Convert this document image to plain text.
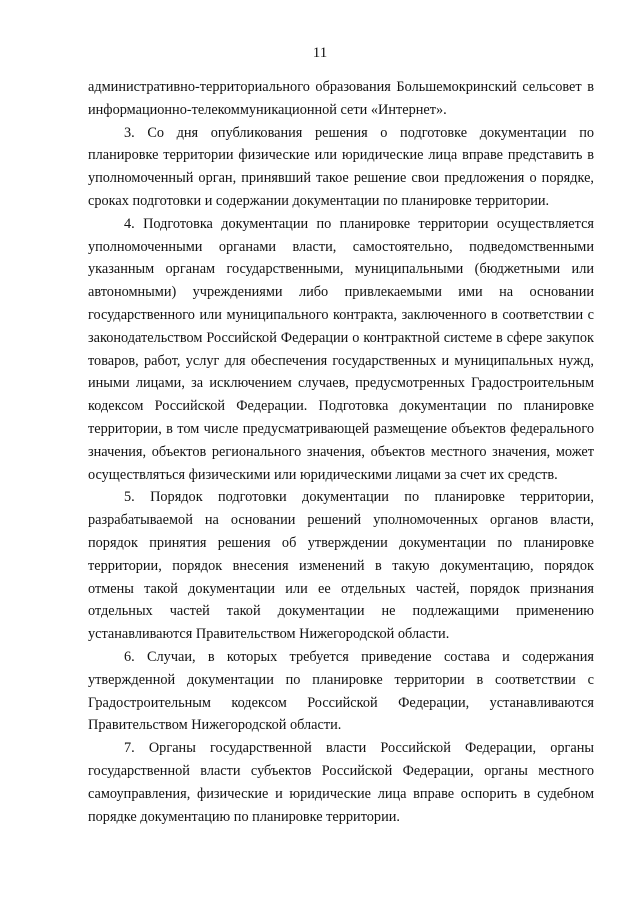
11

административно-территориального образования Большемокринский сельсовет в информационно-телекоммуникационной сети «Интернет».

3. Со дня опубликования решения о подготовке документации по планировке территории физические или юридические лица вправе представить в уполномоченный орган, принявший такое решение свои предложения о порядке, сроках подготовки и содержании документации по планировке территории.

4. Подготовка документации по планировке территории осуществляется уполномоченными органами власти, самостоятельно, подведомственными указанным органам государственными, муниципальными (бюджетными или автономными) учреждениями либо привлекаемыми ими на основании государственного или муниципального контракта, заключенного в соответствии с законодательством Российской Федерации о контрактной системе в сфере закупок товаров, работ, услуг для обеспечения государственных и муниципальных нужд, иными лицами, за исключением случаев, предусмотренных Градостроительным кодексом Российской Федерации. Подготовка документации по планировке территории, в том числе предусматривающей размещение объектов федерального значения, объектов регионального значения, объектов местного значения, может осуществляться физическими или юридическими лицами за счет их средств.

5. Порядок подготовки документации по планировке территории, разрабатываемой на основании решений уполномоченных органов власти, порядок принятия решения об утверждении документации по планировке территории, порядок внесения изменений в такую документацию, порядок отмены такой документации или ее отдельных частей, порядок признания отдельных частей такой документации не подлежащими применению устанавливаются Правительством Нижегородской области.

6. Случаи, в которых требуется приведение состава и содержания утвержденной документации по планировке территории в соответствии с Градостроительным кодексом Российской Федерации, устанавливаются Правительством Нижегородской области.

7. Органы государственной власти Российской Федерации, органы государственной власти субъектов Российской Федерации, органы местного самоуправления, физические и юридические лица вправе оспорить в судебном порядке документацию по планировке территории.
